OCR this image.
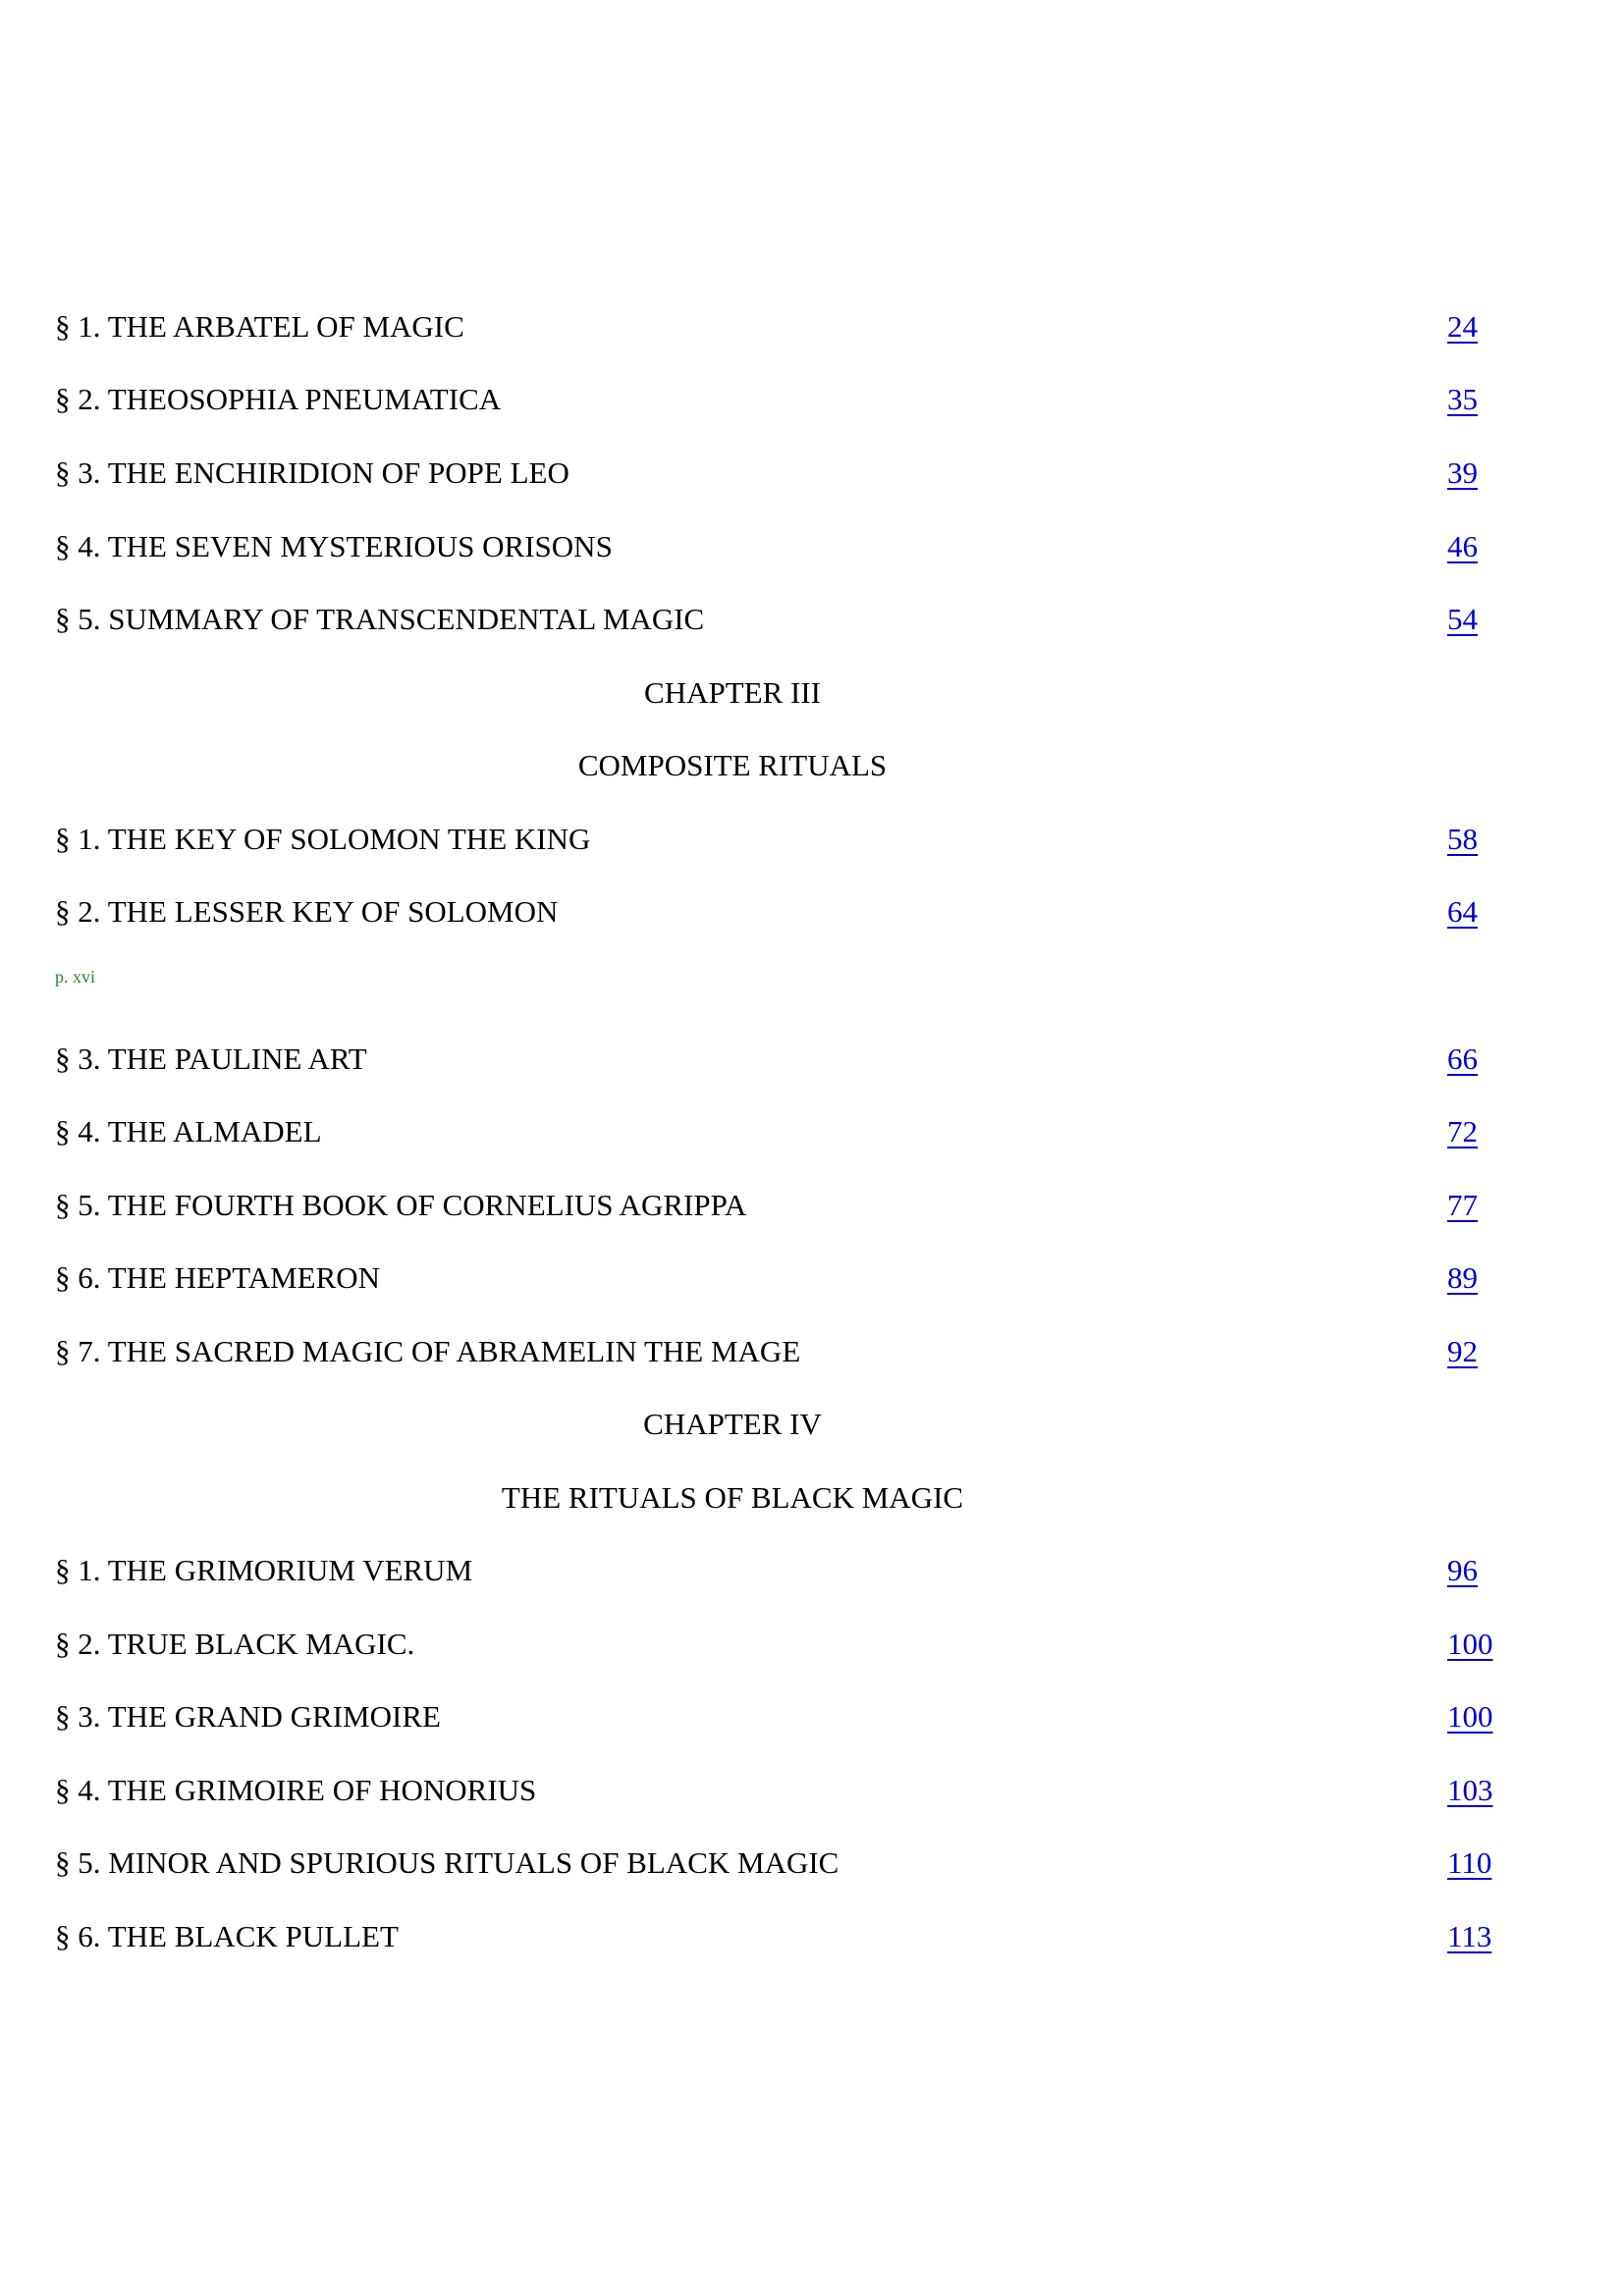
§ 1. THE ARBATEL OF MAGIC	24
§ 2. THEOSOPHIA PNEUMATICA	35
§ 3. THE ENCHIRIDION OF POPE LEO	39
§ 4. THE SEVEN MYSTERIOUS ORISONS	46
§ 5. SUMMARY OF TRANSCENDENTAL MAGIC	54
CHAPTER III
COMPOSITE RITUALS
§ 1. THE KEY OF SOLOMON THE KING	58
§ 2. THE LESSER KEY OF SOLOMON	64
p. xvi
§ 3. THE PAULINE ART	66
§ 4. THE ALMADEL	72
§ 5. THE FOURTH BOOK OF CORNELIUS AGRIPPA	77
§ 6. THE HEPTAMERON	89
§ 7. THE SACRED MAGIC OF ABRAMELIN THE MAGE	92
CHAPTER IV
THE RITUALS OF BLACK MAGIC
§ 1. THE GRIMORIUM VERUM	96
§ 2. TRUE BLACK MAGIC.	100
§ 3. THE GRAND GRIMOIRE	100
§ 4. THE GRIMOIRE OF HONORIUS	103
§ 5. MINOR AND SPURIOUS RITUALS OF BLACK MAGIC	110
§ 6. THE BLACK PULLET	113
